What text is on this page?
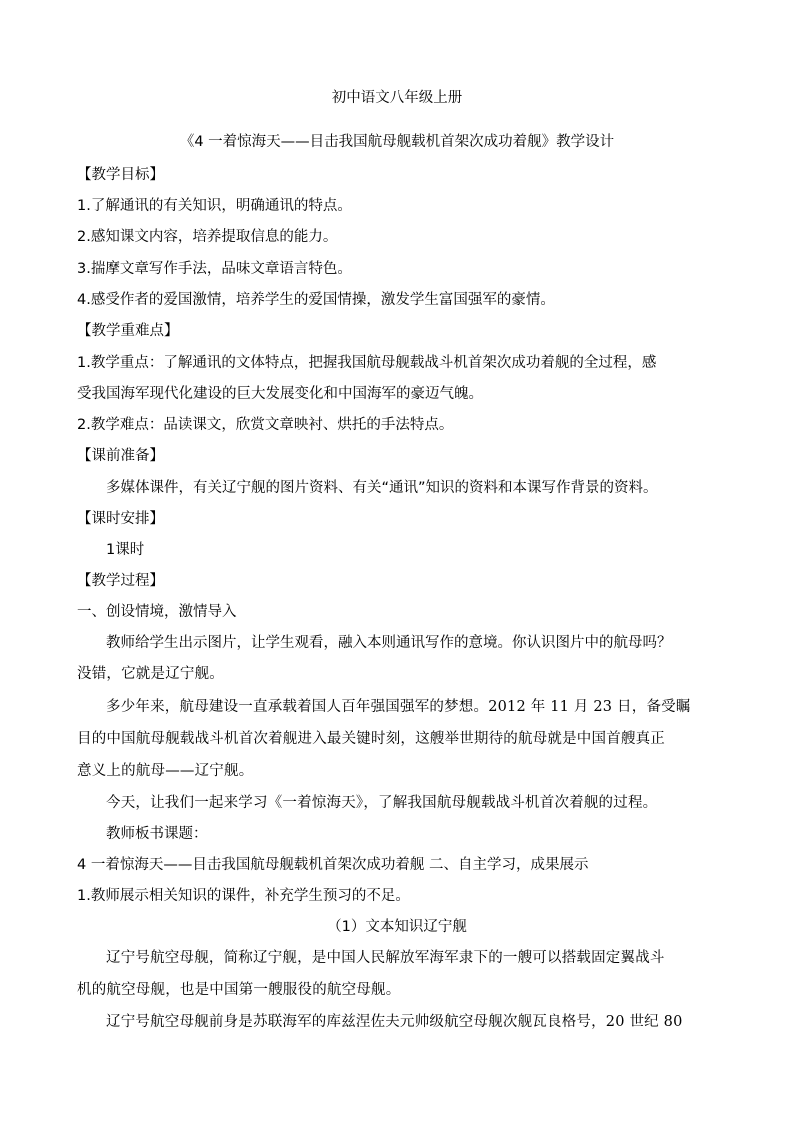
初中语文八年级上册

《4 一着惊海天——目击我国航母舰载机首架次成功着舰》教学设计

【教学目标】

1.了解通讯的有关知识，明确通讯的特点。

2.感知课文内容，培养提取信息的能力。

3.揣摩文章写作手法，品味文章语言特色。

4.感受作者的爱国激情，培养学生的爱国情操，激发学生富国强军的豪情。

【教学重难点】

1.教学重点：了解通讯的文体特点，把握我国航母舰载战斗机首架次成功着舰的全过程，感

受我国海军现代化建设的巨大发展变化和中国海军的豪迈气魄。

2.教学难点：品读课文，欣赏文章映衬、烘托的手法特点。

【课前准备】

多媒体课件，有关辽宁舰的图片资料、有关“通讯”知识的资料和本课写作背景的资料。

【课时安排】

1课时

【教学过程】

一、创设情境，激情导入

教师给学生出示图片，让学生观看，融入本则通讯写作的意境。你认识图片中的航母吗？

没错，它就是辽宁舰。

多少年来，航母建设一直承载着国人百年强国强军的梦想。2012 年 11 月 23 日，备受瞩

目的中国航母舰载战斗机首次着舰进入最关键时刻，这艘举世期待的航母就是中国首艘真正

意义上的航母——辽宁舰。

今天，让我们一起来学习《一着惊海天》，了解我国航母舰载战斗机首次着舰的过程。

教师板书课题：

4 一着惊海天——目击我国航母舰载机首架次成功着舰 二、自主学习，成果展示

1.教师展示相关知识的课件，补充学生预习的不足。

（1）文本知识辽宁舰

辽宁号航空母舰，简称辽宁舰，是中国人民解放军海军隶下的一艘可以搭载固定翼战斗

机的航空母舰，也是中国第一艘服役的航空母舰。

辽宁号航空母舰前身是苏联海军的库兹涅佐夫元帅级航空母舰次舰瓦良格号，20 世纪 80
